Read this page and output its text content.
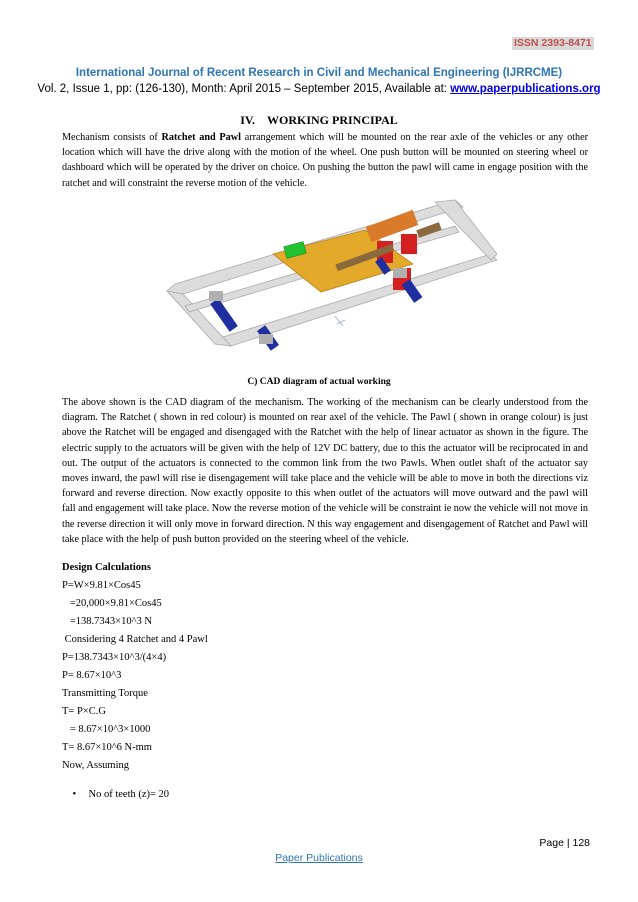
ISSN 2393-8471
International Journal of Recent Research in Civil and Mechanical Engineering (IJRRCME)
Vol. 2, Issue 1, pp: (126-130), Month: April 2015 – September 2015, Available at: www.paperpublications.org
IV.    WORKING PRINCIPAL
Mechanism consists of Ratchet and Pawl arrangement which will be mounted on the rear axle of the vehicles or any other location which will have the drive along with the motion of the wheel. One push button will be mounted on steering wheel or dashboard which will be operated by the driver on choice. On pushing the button the pawl will came in engage position with the ratchet and will constraint the reverse motion of the vehicle.
C) CAD diagram of actual working
The above shown is the CAD diagram of the mechanism. The working of the mechanism can be clearly understood from the diagram. The Ratchet ( shown in red colour) is mounted on rear axel of the vehicle. The Pawl ( shown in orange colour) is just above the Ratchet will be engaged and disengaged with the Ratchet with the help of linear actuator as shown in the figure. The electric supply to the actuators will be given with the help of 12V DC battery, due to this the actuator will be reciprocated in and out. The output of the actuators is connected to the common link from the two Pawls. When outlet shaft of the actuator say moves inward, the pawl will rise ie disengagement will take place and the vehicle will be able to move in both the directions viz forward and reverse direction. Now exactly opposite to this when outlet of the actuators will move outward and the pawl will fall and engagement will take place. Now the reverse motion of the vehicle will be constraint ie now the vehicle will not move in the reverse direction it will only move in forward direction. N this way engagement and disengagement of Ratchet and Pawl will take place with the help of push button provided on the steering wheel of the vehicle.
Design Calculations
P=W×9.81×Cos45
=20,000×9.81×Cos45
=138.7343×10^3 N
Considering 4 Ratchet and 4 Pawl
P=138.7343×10^3/(4×4)
P= 8.67×10^3
Transmitting Torque
T= P×C.G
= 8.67×10^3×1000
T= 8.67×10^6 N-mm
Now, Assuming

• No of teeth (z)= 20

Page | 128
Paper Publications
